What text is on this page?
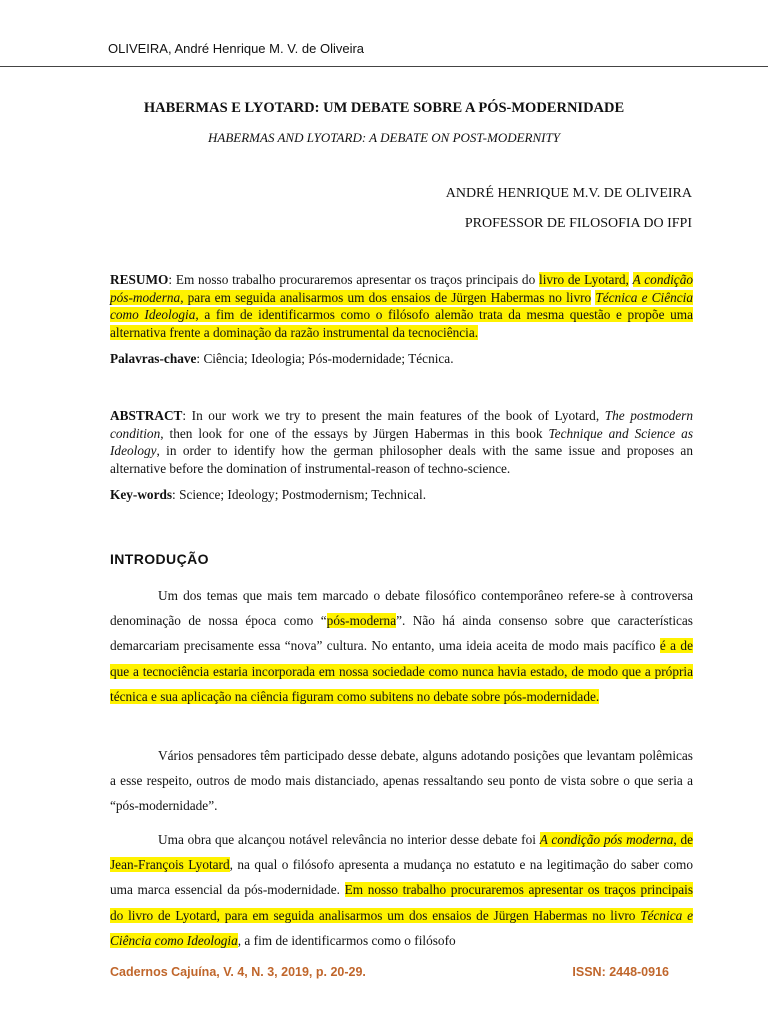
OLIVEIRA, André Henrique M. V. de Oliveira
HABERMAS E LYOTARD: UM DEBATE SOBRE A PÓS-MODERNIDADE
HABERMAS AND LYOTARD: A DEBATE ON POST-MODERNITY
ANDRÉ HENRIQUE M.V. DE OLIVEIRA
PROFESSOR DE FILOSOFIA DO IFPI
RESUMO: Em nosso trabalho procuraremos apresentar os traços principais do livro de Lyotard, A condição pós-moderna, para em seguida analisarmos um dos ensaios de Jürgen Habermas no livro Técnica e Ciência como Ideologia, a fim de identificarmos como o filósofo alemão trata da mesma questão e propõe uma alternativa frente a dominação da razão instrumental da tecnociência.
Palavras-chave: Ciência; Ideologia; Pós-modernidade; Técnica.
ABSTRACT: In our work we try to present the main features of the book of Lyotard, The postmodern condition, then look for one of the essays by Jürgen Habermas in this book Technique and Science as Ideology, in order to identify how the german philosopher deals with the same issue and proposes an alternative before the domination of instrumental-reason of techno-science.
Key-words: Science; Ideology; Postmodernism; Technical.
INTRODUÇÃO
Um dos temas que mais tem marcado o debate filosófico contemporâneo refere-se à controversa denominação de nossa época como “pós-moderna”. Não há ainda consenso sobre que características demarcariam precisamente essa “nova” cultura. No entanto, uma ideia aceita de modo mais pacífico é a de que a tecnociência estaria incorporada em nossa sociedade como nunca havia estado, de modo que a própria técnica e sua aplicação na ciência figuram como subitens no debate sobre pós-modernidade.
Vários pensadores têm participado desse debate, alguns adotando posições que levantam polêmicas a esse respeito, outros de modo mais distanciado, apenas ressaltando seu ponto de vista sobre o que seria a “pós-modernidade”.
Uma obra que alcançou notável relevância no interior desse debate foi A condição pós moderna, de Jean-François Lyotard, na qual o filósofo apresenta a mudança no estatuto e na legitimação do saber como uma marca essencial da pós-modernidade. Em nosso trabalho procuraremos apresentar os traços principais do livro de Lyotard, para em seguida analisarmos um dos ensaios de Jürgen Habermas no livro Técnica e Ciência como Ideologia, a fim de identificarmos como o filósofo
Cadernos Cajuína, V. 4, N. 3, 2019, p. 20-29.	ISSN: 2448-0916
